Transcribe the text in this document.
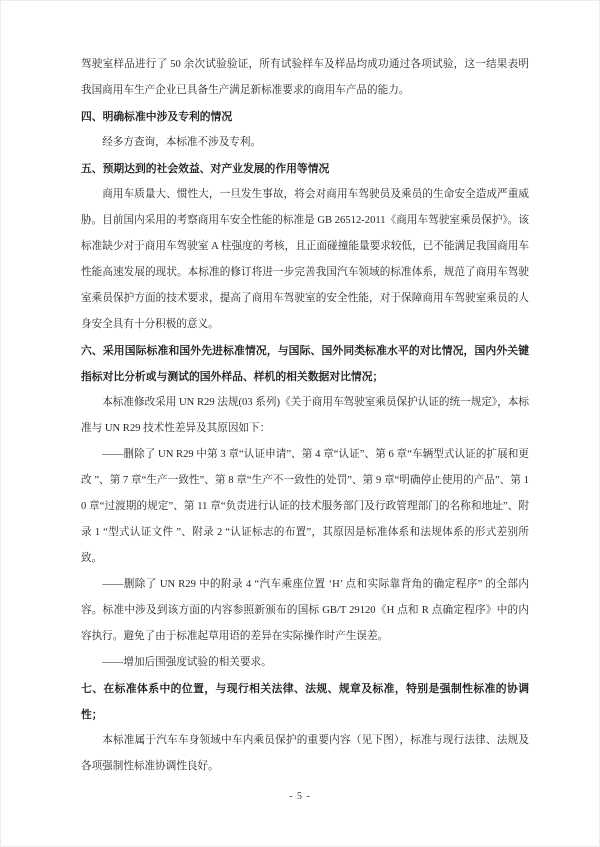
驾驶室样品进行了 50 余次试验验证，所有试验样车及样品均成功通过各项试验，这一结果表明我国商用车生产企业已具备生产满足新标准要求的商用车产品的能力。

四、明确标准中涉及专利的情况

经多方查询，本标准不涉及专利。

五、预期达到的社会效益、对产业发展的作用等情况

商用车质量大、惯性大，一旦发生事故，将会对商用车驾驶员及乘员的生命安全造成严重威胁。目前国内采用的考察商用车安全性能的标准是 GB 26512-2011《商用车驾驶室乘员保护》。该标准缺少对于商用车驾驶室 A 柱强度的考核，且正面碰撞能量要求较低，已不能满足我国商用车性能高速发展的现状。本标准的修订将进一步完善我国汽车领域的标准体系，规范了商用车驾驶室乘员保护方面的技术要求，提高了商用车驾驶室的安全性能，对于保障商用车驾驶室乘员的人身安全具有十分积极的意义。

六、采用国际标准和国外先进标准情况，与国际、国外同类标准水平的对比情况，国内外关键指标对比分析或与测试的国外样品、样机的相关数据对比情况；

本标准修改采用 UN R29 法规(03 系列)《关于商用车驾驶室乘员保护认证的统一规定》，本标准与 UN R29 技术性差异及其原因如下：

——删除了 UN R29 中第 3 章“认证申请”、第 4 章“认证”、第 6 章“车辆型式认证的扩展和更改 ”、第 7 章“生产一致性”、第 8 章“生产不一致性的处罚”、第 9 章“明确停止使用的产品”、第 10 章“过渡期的规定”、第 11 章“负责进行认证的技术服务部门及行政管理部门的名称和地址”、附录 1 “型式认证文件 ”、附录 2 “认证标志的布置”，其原因是标准体系和法规体系的形式差别所致。

——删除了 UN R29 中的附录 4 “汽车乘座位置 ‘H’ 点和实际靠背角的确定程序” 的全部内容。标准中涉及到该方面的内容参照新颁布的国标 GB/T 29120《H 点和 R 点确定程序》中的内容执行。避免了由于标准起草用语的差异在实际操作时产生误差。

——增加后围强度试验的相关要求。

七、在标准体系中的位置，与现行相关法律、法规、规章及标准，特别是强制性标准的协调性；

本标准属于汽车车身领域中车内乘员保护的重要内容（见下图），标准与现行法律、法规及各项强制性标准协调性良好。

- 5 -
